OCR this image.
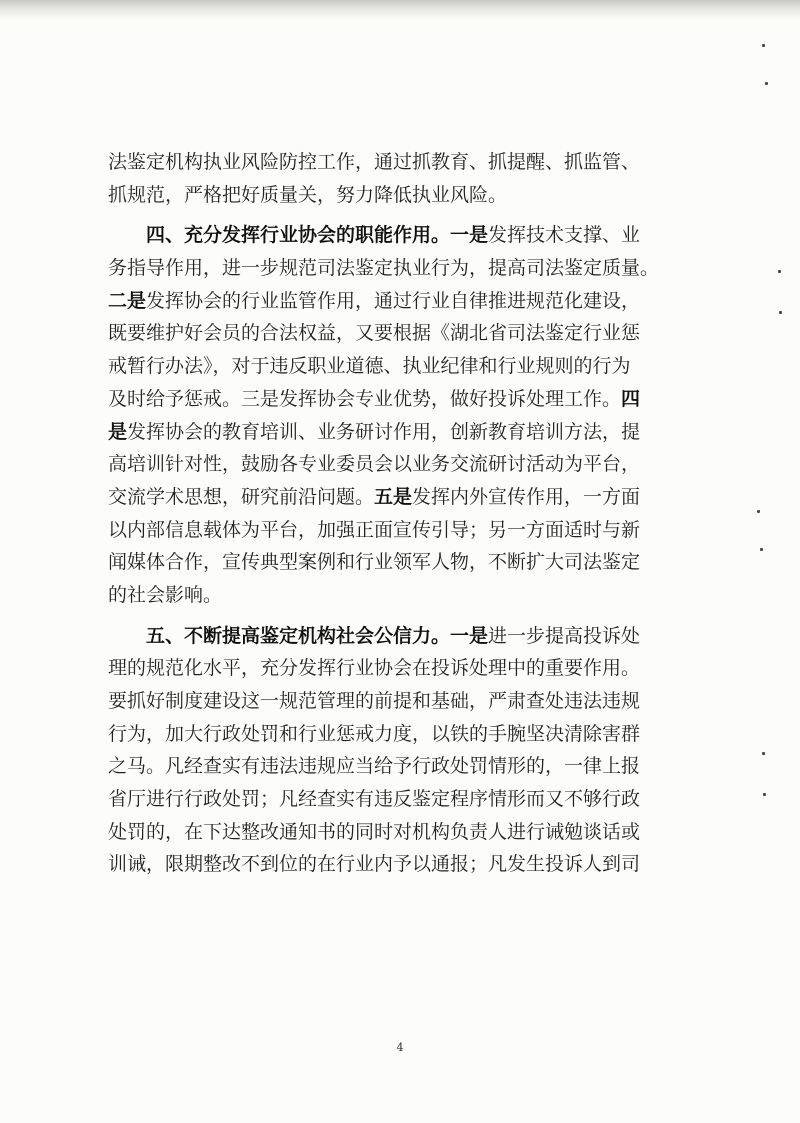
法鉴定机构执业风险防控工作，通过抓教育、抓提醒、抓监管、
抓规范，严格把好质量关，努力降低执业风险。
四、充分发挥行业协会的职能作用。一是发挥技术支撑、业
务指导作用，进一步规范司法鉴定执业行为，提高司法鉴定质量。
二是发挥协会的行业监管作用，通过行业自律推进规范化建设，
既要维护好会员的合法权益，又要根据《湖北省司法鉴定行业惩
戒暂行办法》，对于违反职业道德、执业纪律和行业规则的行为
及时给予惩戒。三是发挥协会专业优势，做好投诉处理工作。四
是发挥协会的教育培训、业务研讨作用，创新教育培训方法，提
高培训针对性，鼓励各专业委员会以业务交流研讨活动为平台，
交流学术思想，研究前沿问题。五是发挥内外宣传作用，一方面
以内部信息载体为平台，加强正面宣传引导；另一方面适时与新
闻媒体合作，宣传典型案例和行业领军人物，不断扩大司法鉴定
的社会影响。
五、不断提高鉴定机构社会公信力。一是进一步提高投诉处
理的规范化水平，充分发挥行业协会在投诉处理中的重要作用。
要抓好制度建设这一规范管理的前提和基础，严肃查处违法违规
行为，加大行政处罚和行业惩戒力度，以铁的手腕坚决清除害群
之马。凡经查实有违法违规应当给予行政处罚情形的，一律上报
省厅进行行政处罚；凡经查实有违反鉴定程序情形而又不够行政
处罚的，在下达整改通知书的同时对机构负责人进行诫勉谈话或
训诫，限期整改不到位的在行业内予以通报；凡发生投诉人到司
4
